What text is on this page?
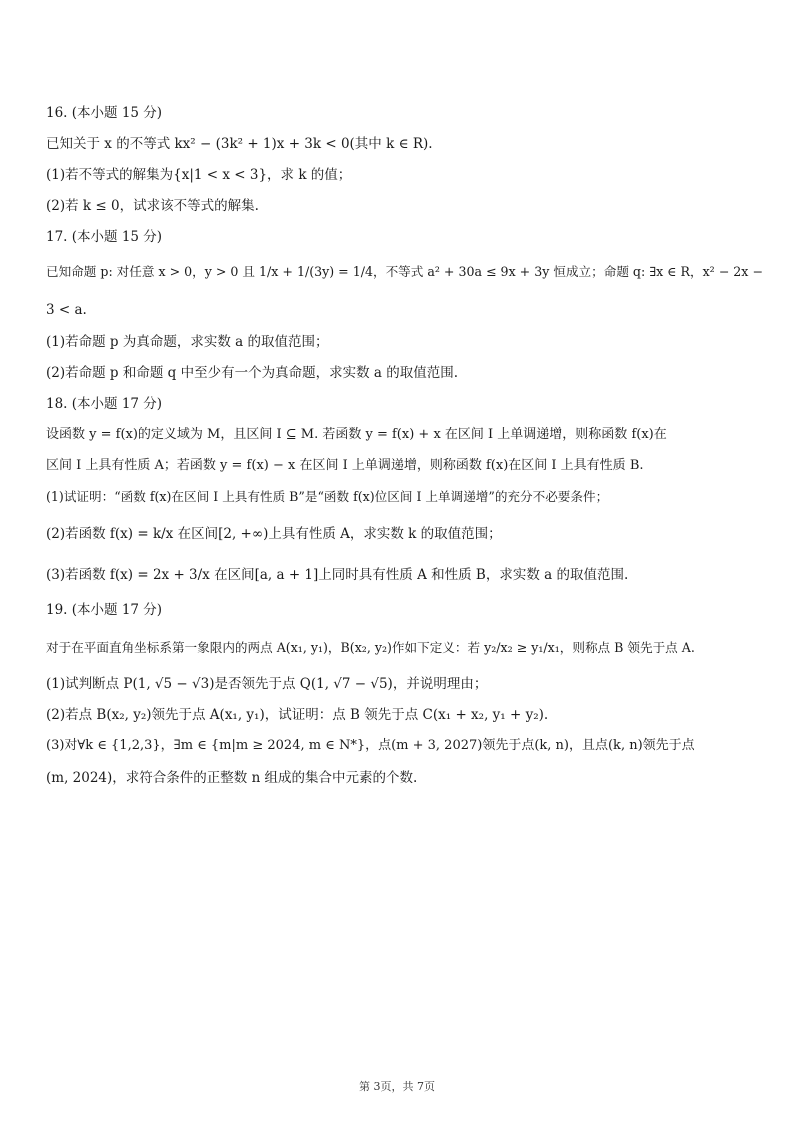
16. (本小题 15 分)
已知关于 x 的不等式 kx² − (3k² + 1)x + 3k < 0(其中 k ∈ R).
(1)若不等式的解集为{x|1 < x < 3}，求 k 的值；
(2)若 k ≤ 0，试求该不等式的解集.
17. (本小题 15 分)
已知命题 p: 对任意 x > 0，y > 0 且 1/x + 1/(3y) = 1/4，不等式 a² + 30a ≤ 9x + 3y 恒成立；命题 q: ∃x ∈ R，x² − 2x −
3 < a.
(1)若命题 p 为真命题，求实数 a 的取值范围；
(2)若命题 p 和命题 q 中至少有一个为真命题，求实数 a 的取值范围.
18. (本小题 17 分)
设函数 y = f(x)的定义域为 M，且区间 I ⊆ M. 若函数 y = f(x) + x 在区间 I 上单调递增，则称函数 f(x)在
区间 I 上具有性质 A；若函数 y = f(x) − x 在区间 I 上单调递增，则称函数 f(x)在区间 I 上具有性质 B.
(1)试证明：“函数 f(x)在区间 I 上具有性质 B”是“函数 f(x)位区间 I 上单调递增”的充分不必要条件；
(2)若函数 f(x) = k/x 在区间[2, +∞)上具有性质 A，求实数 k 的取值范围；
(3)若函数 f(x) = 2x + 3/x 在区间[a, a + 1]上同时具有性质 A 和性质 B，求实数 a 的取值范围.
19. (本小题 17 分)
对于在平面直角坐标系第一象限内的两点 A(x₁, y₁)，B(x₂, y₂)作如下定义：若 y₂/x₂ ≥ y₁/x₁，则称点 B 领先于点 A.
(1)试判断点 P(1, √5 − √3)是否领先于点 Q(1, √7 − √5)，并说明理由；
(2)若点 B(x₂, y₂)领先于点 A(x₁, y₁)，试证明：点 B 领先于点 C(x₁ + x₂, y₁ + y₂).
(3)对∀k ∈ {1,2,3}，∃m ∈ {m|m ≥ 2024, m ∈ N*}，点(m + 3, 2027)领先于点(k, n)，且点(k, n)领先于点
(m, 2024)，求符合条件的正整数 n 组成的集合中元素的个数.
第 3页，共 7页
